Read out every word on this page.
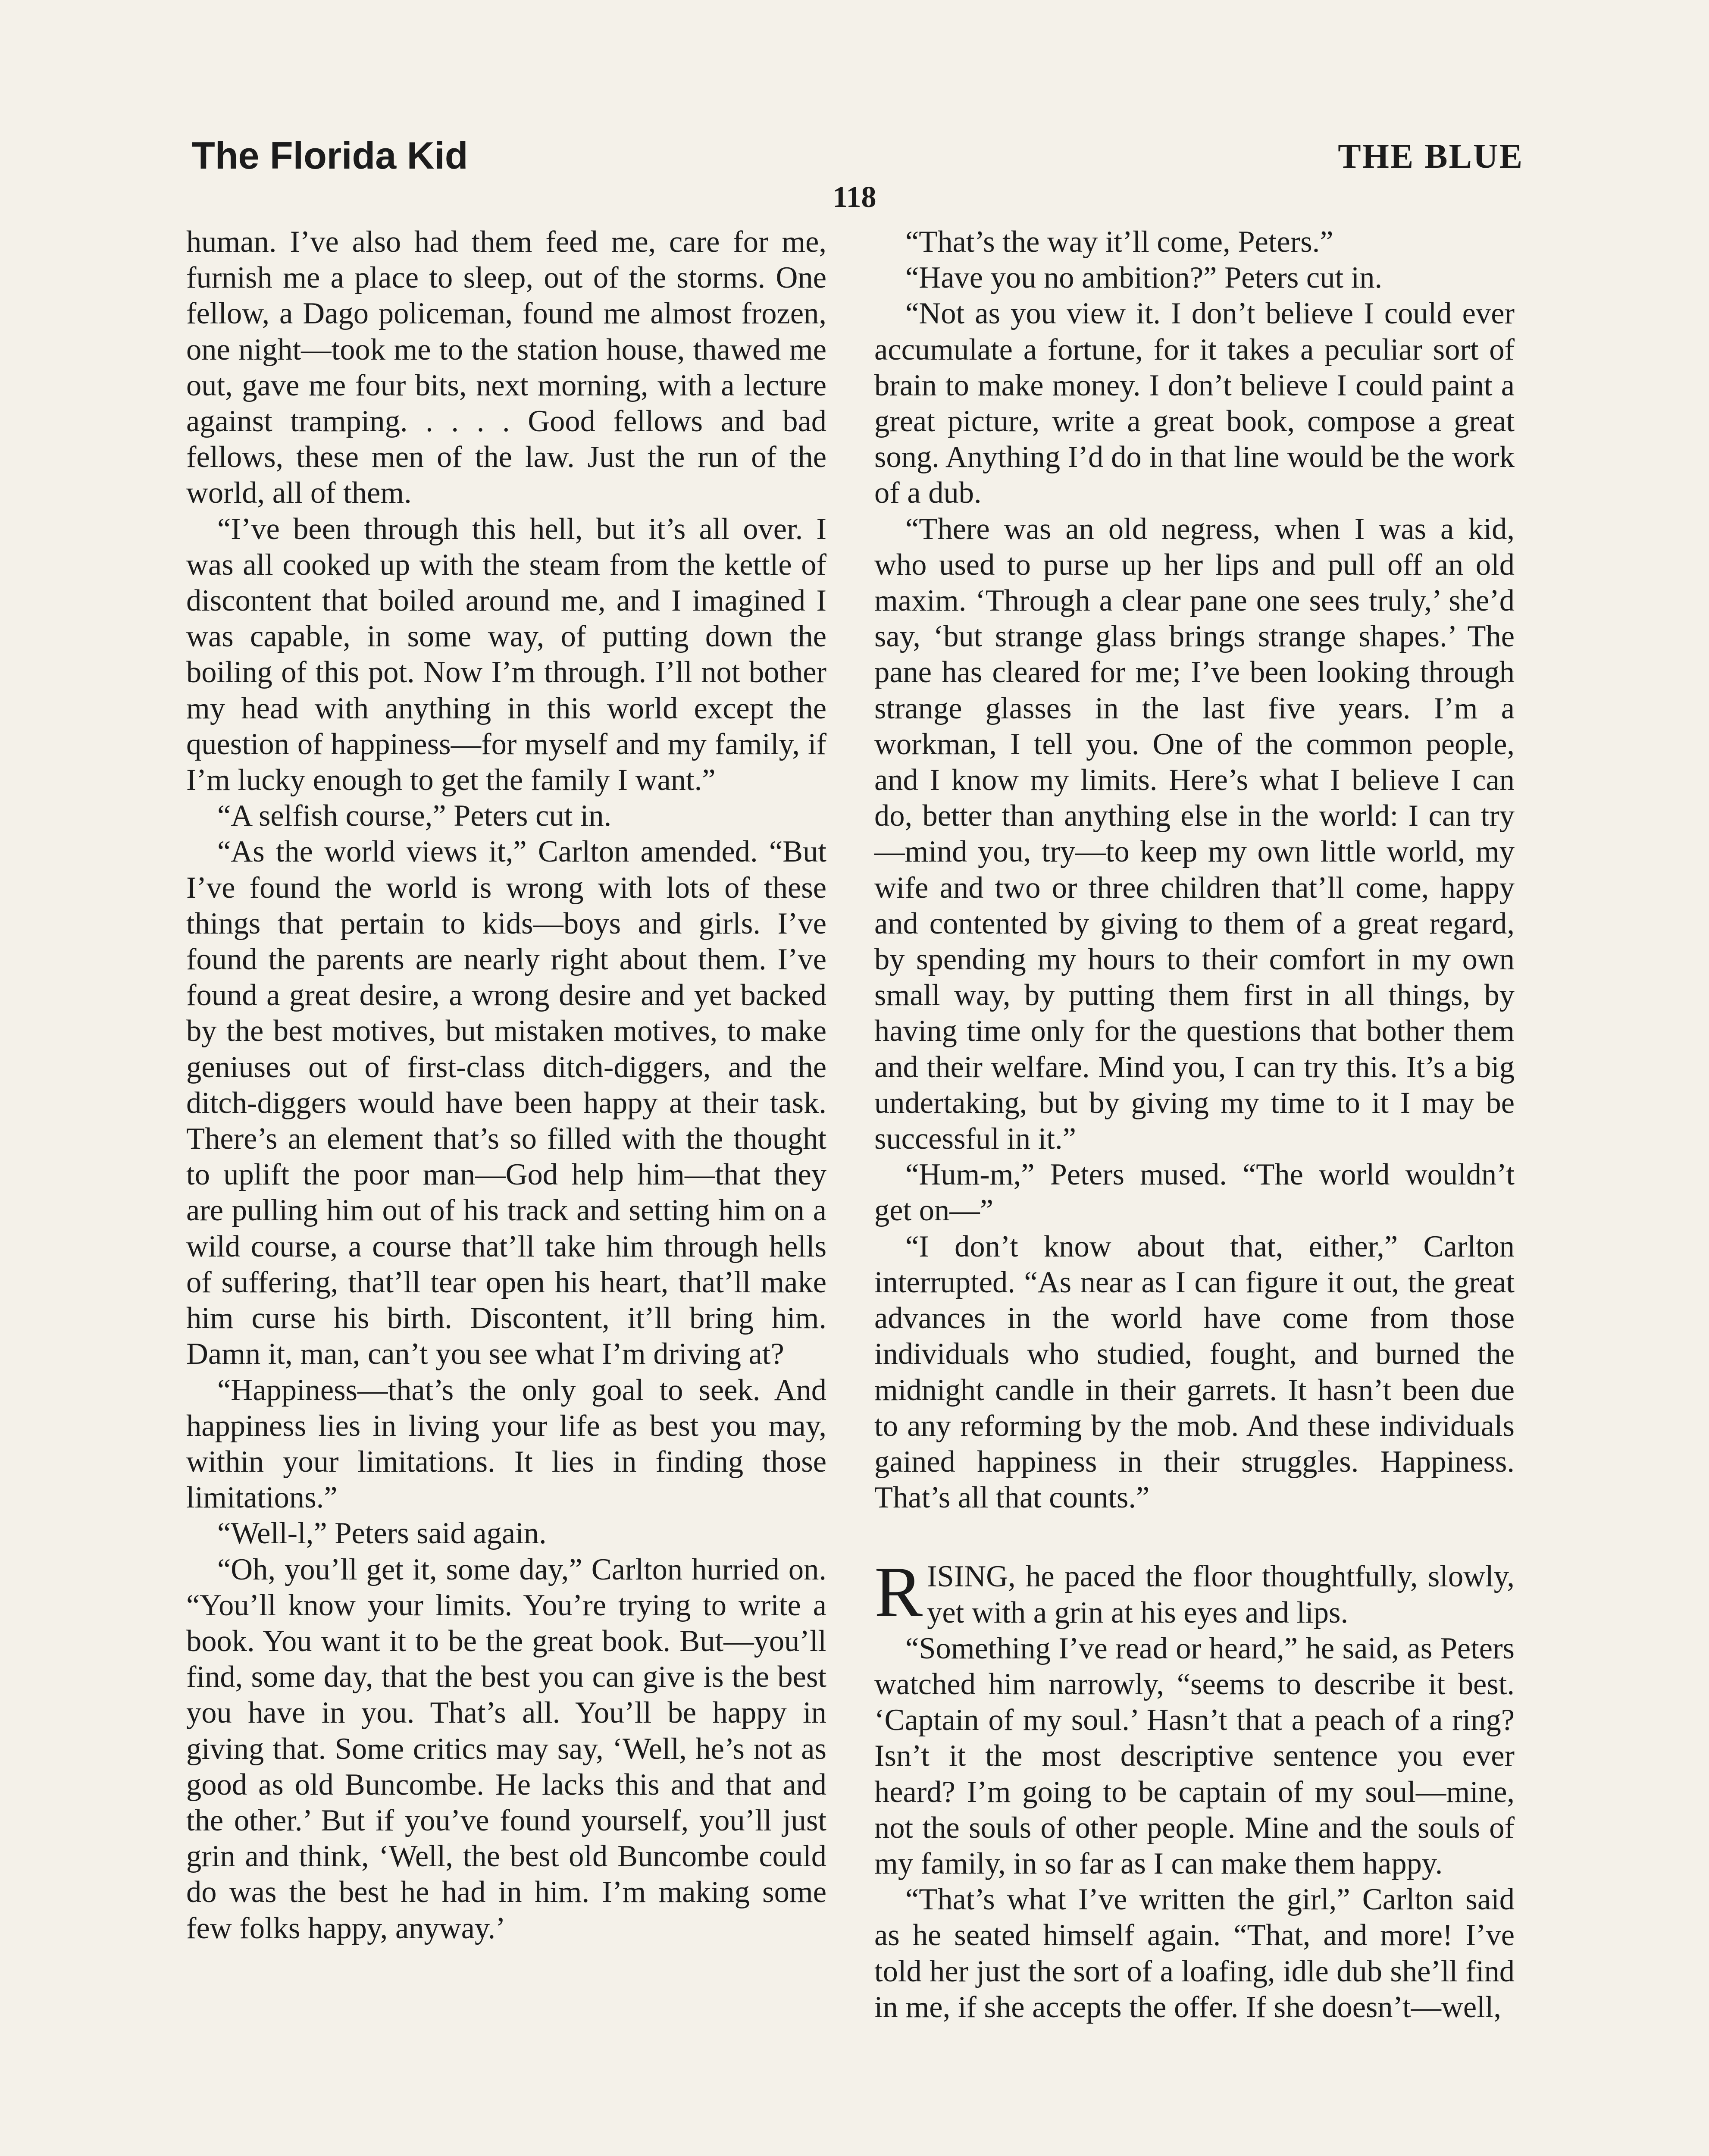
The Florida Kid	THE BLUE
118

human. I’ve also had them feed me, care for me, furnish me a place to sleep, out of the storms. One fellow, a Dago policeman, found me almost frozen, one night—took me to the station house, thawed me out, gave me four bits, next morning, with a lecture against tramping. . . . . Good fellows and bad fellows, these men of the law. Just the run of the world, all of them.

“I’ve been through this hell, but it’s all over. I was all cooked up with the steam from the kettle of discontent that boiled around me, and I imagined I was capable, in some way, of putting down the boiling of this pot. Now I’m through. I’ll not bother my head with anything in this world except the question of happiness—for myself and my family, if I’m lucky enough to get the family I want.”

“A selfish course,” Peters cut in.

“As the world views it,” Carlton amended. “But I’ve found the world is wrong with lots of these things that pertain to kids—boys and girls. I’ve found the parents are nearly right about them. I’ve found a great desire, a wrong desire and yet backed by the best motives, but mistaken motives, to make geniuses out of first-class ditch-diggers, and the ditch-diggers would have been happy at their task. There’s an element that’s so filled with the thought to uplift the poor man—God help him—that they are pulling him out of his track and setting him on a wild course, a course that’ll take him through hells of suffering, that’ll tear open his heart, that’ll make him curse his birth. Discontent, it’ll bring him. Damn it, man, can’t you see what I’m driving at?

“Happiness—that’s the only goal to seek. And happiness lies in living your life as best you may, within your limitations. It lies in finding those limitations.”

“Well-l,” Peters said again.

“Oh, you’ll get it, some day,” Carlton hurried on. “You’ll know your limits. You’re trying to write a book. You want it to be the great book. But—you’ll find, some day, that the best you can give is the best you have in you. That’s all. You’ll be happy in giving that. Some critics may say, ‘Well, he’s not as good as old Buncombe. He lacks this and that and the other.’ But if you’ve found yourself, you’ll just grin and think, ‘Well, the best old Buncombe could do was the best he had in him. I’m making some few folks happy, anyway.’

“That’s the way it’ll come, Peters.”

“Have you no ambition?” Peters cut in.

“Not as you view it. I don’t believe I could ever accumulate a fortune, for it takes a peculiar sort of brain to make money. I don’t believe I could paint a great picture, write a great book, compose a great song. Anything I’d do in that line would be the work of a dub.

“There was an old negress, when I was a kid, who used to purse up her lips and pull off an old maxim. ‘Through a clear pane one sees truly,’ she’d say, ‘but strange glass brings strange shapes.’ The pane has cleared for me; I’ve been looking through strange glasses in the last five years. I’m a workman, I tell you. One of the common people, and I know my limits. Here’s what I believe I can do, better than anything else in the world: I can try—mind you, try—to keep my own little world, my wife and two or three children that’ll come, happy and contented by giving to them of a great regard, by spending my hours to their comfort in my own small way, by putting them first in all things, by having time only for the questions that bother them and their welfare. Mind you, I can try this. It’s a big undertaking, but by giving my time to it I may be successful in it.”

“Hum-m,” Peters mused. “The world wouldn’t get on—”

“I don’t know about that, either,” Carlton interrupted. “As near as I can figure it out, the great advances in the world have come from those individuals who studied, fought, and burned the midnight candle in their garrets. It hasn’t been due to any reforming by the mob. And these individuals gained happiness in their struggles. Happiness. That’s all that counts.”

RISING, he paced the floor thoughtfully, slowly, yet with a grin at his eyes and lips.

“Something I’ve read or heard,” he said, as Peters watched him narrowly, “seems to describe it best. ‘Captain of my soul.’ Hasn’t that a peach of a ring? Isn’t it the most descriptive sentence you ever heard? I’m going to be captain of my soul—mine, not the souls of other people. Mine and the souls of my family, in so far as I can make them happy.

“That’s what I’ve written the girl,” Carlton said as he seated himself again. “That, and more! I’ve told her just the sort of a loafing, idle dub she’ll find in me, if she accepts the offer. If she doesn’t—well,
